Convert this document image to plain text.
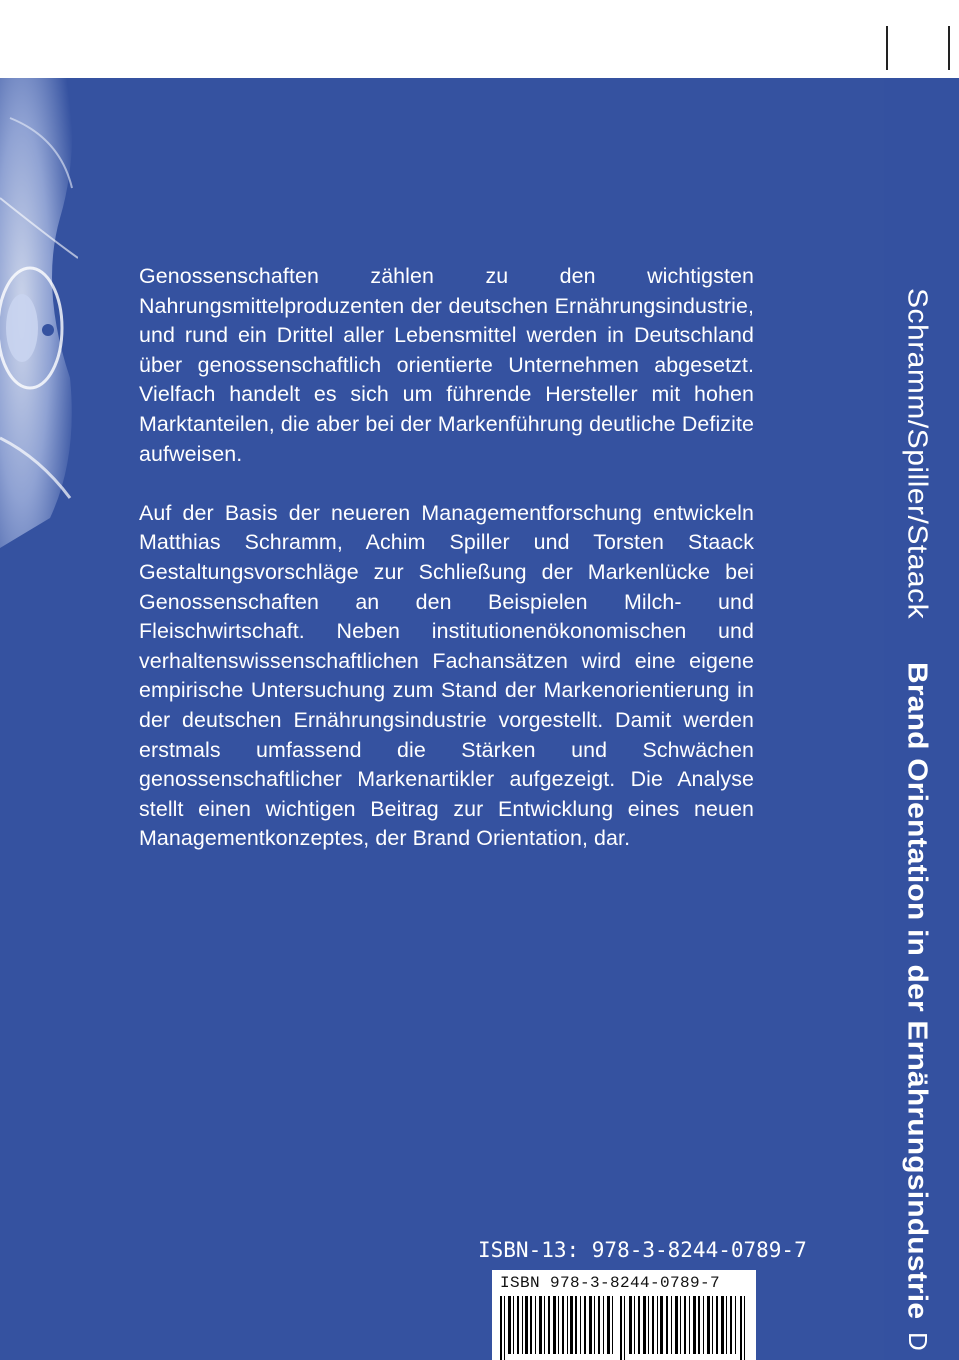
Genossenschaften zählen zu den wichtigsten Nahrungsmittelproduzenten der deutschen Ernährungsindustrie, und rund ein Drittel aller Lebensmittel werden in Deutschland über genossenschaftlich orientierte Unternehmen abgesetzt. Vielfach handelt es sich um führende Hersteller mit hohen Marktanteilen, die aber bei der Markenführung deutliche Defizite aufweisen.

Auf der Basis der neueren Managementforschung entwickeln Matthias Schramm, Achim Spiller und Torsten Staack Gestaltungsvorschläge zur Schließung der Markenlücke bei Genossenschaften an den Beispielen Milch- und Fleischwirtschaft. Neben institutionenökonomischen und verhaltenswissenschaftlichen Fachansätzen wird eine eigene empirische Untersuchung zum Stand der Markenorientierung in der deutschen Ernährungsindustrie vorgestellt. Damit werden erstmals umfassend die Stärken und Schwächen genossenschaftlicher Markenartikler aufgezeigt. Die Analyse stellt einen wichtigen Beitrag zur Entwicklung eines neuen Managementkonzeptes, der Brand Orientation, dar.

Schramm/Spiller/Staack
Brand Orientation in der Ernährungsindustrie
D
ISBN-13: 978-3-8244-0789-7
ISBN 978-3-8244-0789-7
